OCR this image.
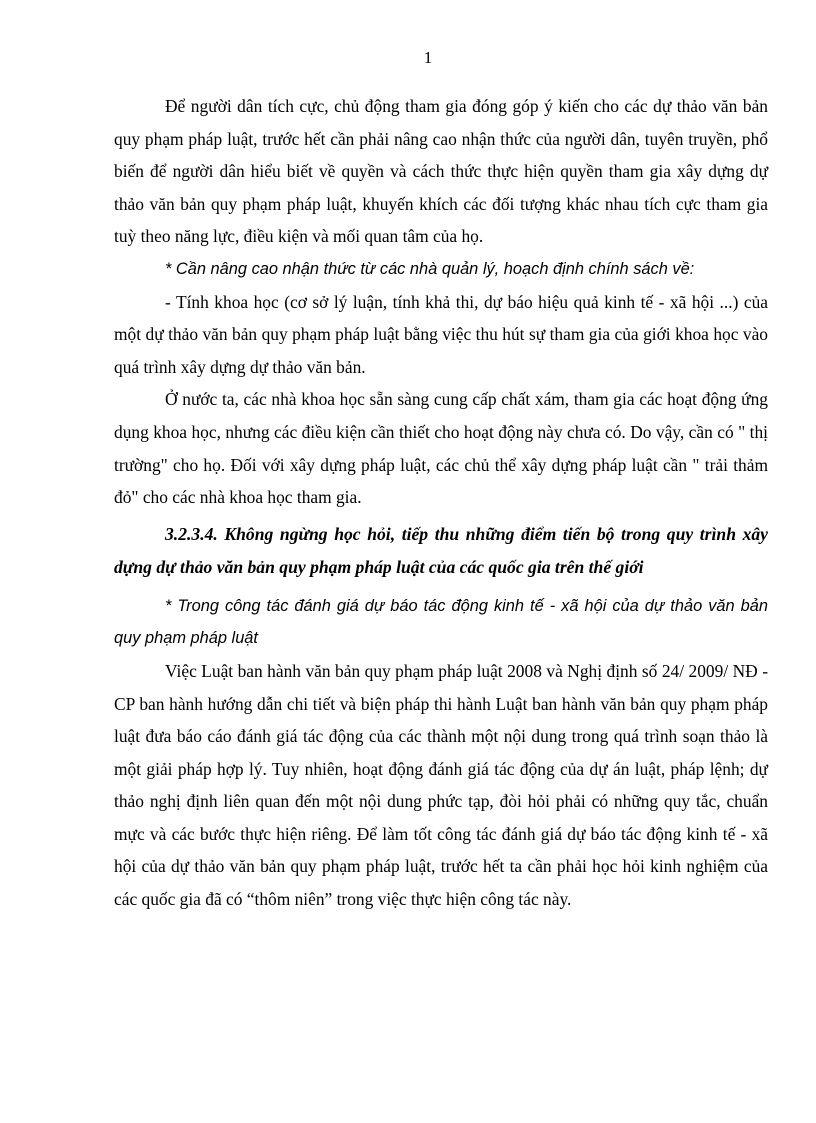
1

Để người dân tích cực, chủ động tham gia đóng góp ý kiến cho các dự thảo văn bản quy phạm pháp luật, trước hết cần phải nâng cao nhận thức của người dân, tuyên truyền, phổ biến để người dân hiểu biết về quyền và cách thức thực hiện quyền tham gia xây dựng dự thảo văn bản quy phạm pháp luật, khuyến khích các đối tượng khác nhau tích cực tham gia tuỳ theo năng lực, điều kiện và mối quan tâm của họ.

* Cần nâng cao nhận thức từ các nhà quản lý, hoạch định chính sách về:

- Tính khoa học (cơ sở lý luận, tính khả thi, dự báo hiệu quả kinh tế - xã hội ...) của một dự thảo văn bản quy phạm pháp luật bằng việc thu hút sự tham gia của giới khoa học vào quá trình xây dựng dự thảo văn bản.

Ở nước ta, các nhà khoa học sẵn sàng cung cấp chất xám, tham gia các hoạt động ứng dụng khoa học, nhưng các điều kiện cần thiết cho hoạt động này chưa có. Do vậy, cần có " thị trường" cho họ. Đối với xây dựng pháp luật, các chủ thể xây dựng pháp luật cần " trải thảm đỏ" cho các nhà khoa học tham gia.

3.2.3.4. Không ngừng học hỏi, tiếp thu những điểm tiến bộ trong quy trình xây dựng dự thảo văn bản quy phạm pháp luật của các quốc gia trên thế giới

* Trong công tác đánh giá dự báo tác động kinh tế - xã hội của dự thảo văn bản quy phạm pháp luật

Việc Luật ban hành văn bản quy phạm pháp luật 2008 và Nghị định số 24/ 2009/ NĐ - CP ban hành hướng dẫn chi tiết và biện pháp thi hành Luật ban hành văn bản quy phạm pháp luật đưa báo cáo đánh giá tác động của các thành một nội dung trong quá trình soạn thảo là một giải pháp hợp lý. Tuy nhiên, hoạt động đánh giá tác động của dự án luật, pháp lệnh; dự thảo nghị định liên quan đến một nội dung phức tạp, đòi hỏi phải có những quy tắc, chuẩn mực và các bước thực hiện riêng. Để làm tốt công tác đánh giá dự báo tác động kinh tế - xã hội của dự thảo văn bản quy phạm pháp luật, trước hết ta cần phải học hỏi kinh nghiệm của các quốc gia đã có “thôm niên” trong việc thực hiện công tác này.
